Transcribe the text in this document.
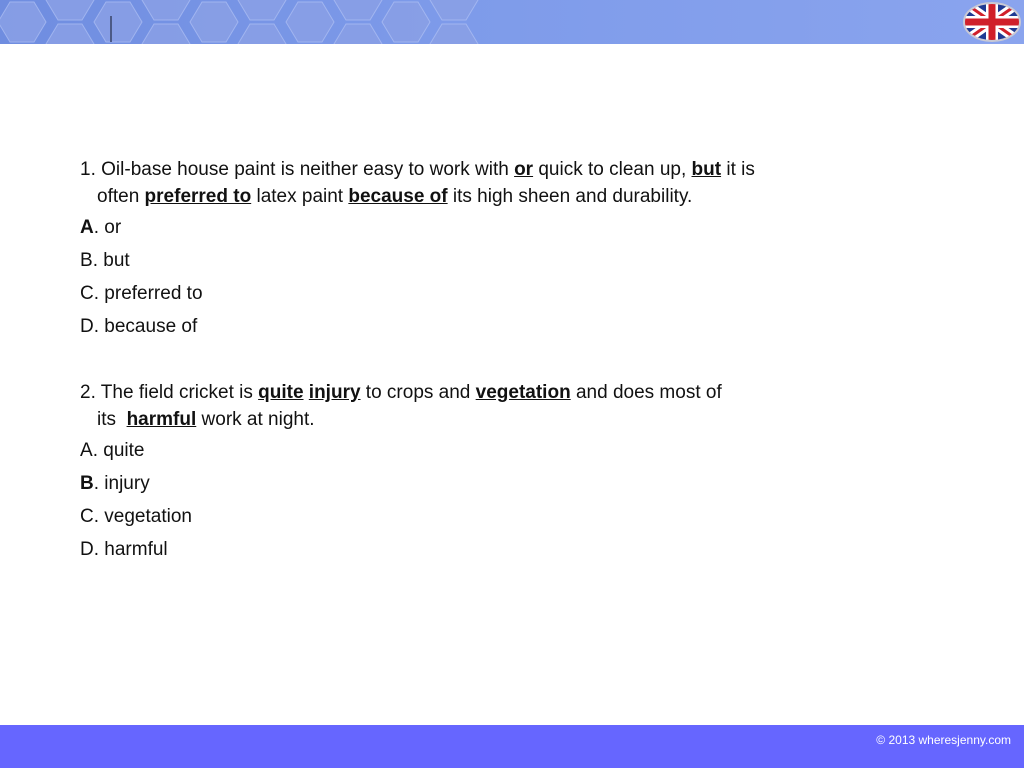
1. Oil-base house paint is neither easy to work with or quick to clean up, but it is
often preferred to latex paint because of its high sheen and durability.
A. or
B. but
C. preferred to
D. because of
2. The field cricket is quite injury to crops and vegetation and does most of
its  harmful work at night.
A. quite
B. injury
C. vegetation
D. harmful
© 2013 wheresjenny.com
